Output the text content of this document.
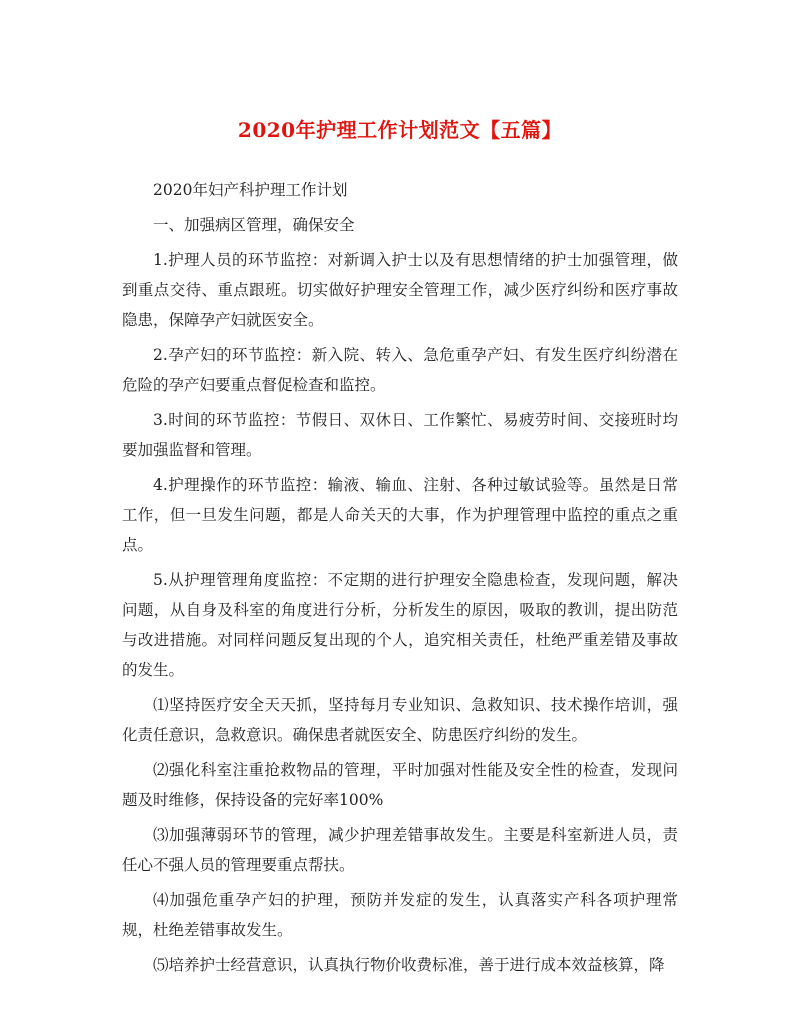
2020年护理工作计划范文【五篇】

2020年妇产科护理工作计划

一、加强病区管理，确保安全

1.护理人员的环节监控：对新调入护士以及有思想情绪的护士加强管理，做到重点交待、重点跟班。切实做好护理安全管理工作，减少医疗纠纷和医疗事故隐患，保障孕产妇就医安全。

2.孕产妇的环节监控：新入院、转入、急危重孕产妇、有发生医疗纠纷潜在危险的孕产妇要重点督促检查和监控。

3.时间的环节监控：节假日、双休日、工作繁忙、易疲劳时间、交接班时均要加强监督和管理。

4.护理操作的环节监控：输液、输血、注射、各种过敏试验等。虽然是日常工作，但一旦发生问题，都是人命关天的大事，作为护理管理中监控的重点之重点。

5.从护理管理角度监控：不定期的进行护理安全隐患检查，发现问题，解决问题，从自身及科室的角度进行分析，分析发生的原因，吸取的教训，提出防范与改进措施。对同样问题反复出现的个人，追究相关责任，杜绝严重差错及事故的发生。

⑴坚持医疗安全天天抓，坚持每月专业知识、急救知识、技术操作培训，强化责任意识，急救意识。确保患者就医安全、防患医疗纠纷的发生。

⑵强化科室注重抢救物品的管理，平时加强对性能及安全性的检查，发现问题及时维修，保持设备的完好率100%

⑶加强薄弱环节的管理，减少护理差错事故发生。主要是科室新进人员，责任心不强人员的管理要重点帮扶。

⑷加强危重孕产妇的护理，预防并发症的发生，认真落实产科各项护理常规，杜绝差错事故发生。

⑸培养护士经营意识，认真执行物价收费标准，善于进行成本效益核算，降
